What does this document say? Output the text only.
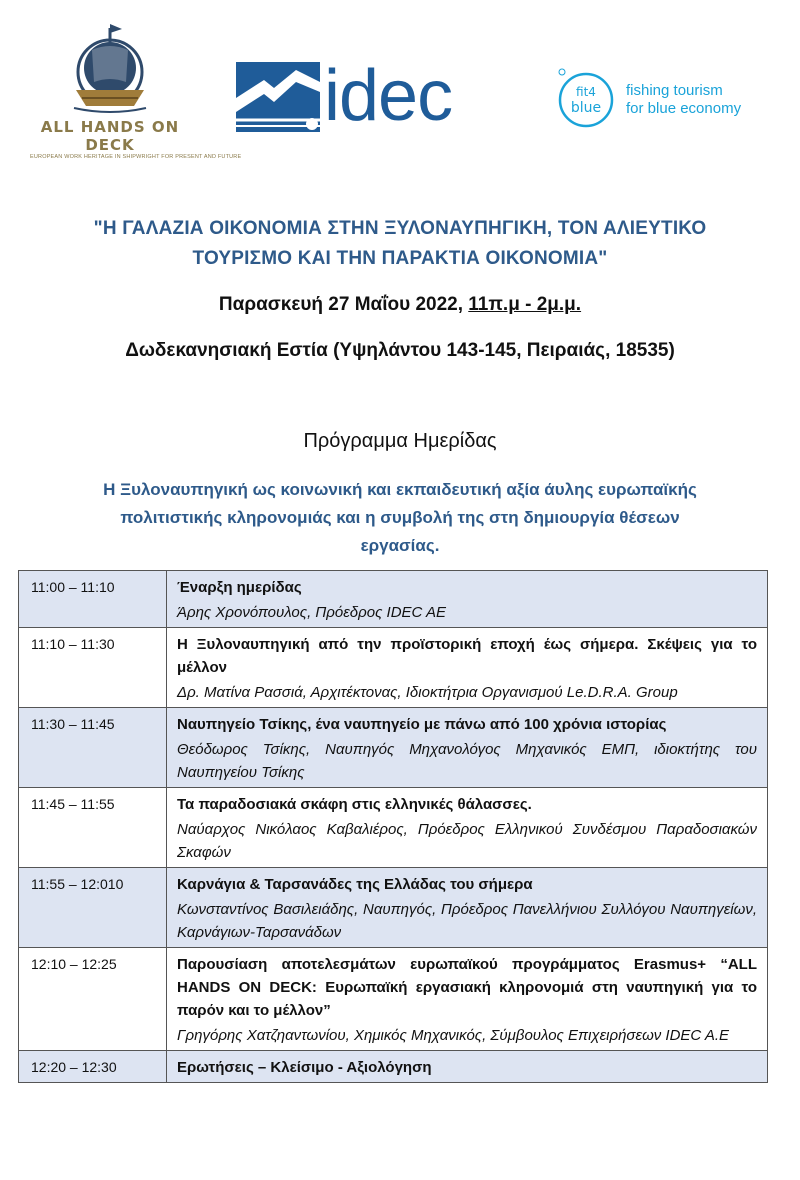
ALL HANDS ON DECK
EUROPEAN WORK HERITAGE IN SHIPWRIGHT FOR PRESENT AND FUTURE
idec	fit4
blue
fishing tourism
for blue economy
"Η ΓΑΛΑΖΙΑ ΟΙΚΟΝΟΜΙΑ ΣΤΗΝ ΞΥΛΟΝΑΥΠΗΓΙΚΗ, ΤΟΝ ΑΛΙΕΥΤΙΚΟ
ΤΟΥΡΙΣΜΟ ΚΑΙ ΤΗΝ ΠΑΡΑΚΤΙΑ ΟΙΚΟΝΟΜΙΑ"
Παρασκευή 27 Μαΐου 2022, 11π.μ - 2μ.μ.
Δωδεκανησιακή Εστία (Υψηλάντου 143-145, Πειραιάς, 18535)
Πρόγραμμα Ημερίδας
Η Ξυλοναυπηγική ως κοινωνική και εκπαιδευτική αξία άυλης ευρωπαϊκής
πολιτιστικής κληρονομιάς και η συμβολή της στη δημιουργία θέσεων
εργασίας.
11:00 – 11:10	Έναρξη ημερίδας
Άρης Χρονόπουλος, Πρόεδρος IDEC AE

11:10 – 11:30	Η Ξυλοναυπηγική από την προϊστορική εποχή έως σήμερα. Σκέψεις για το μέλλον
Δρ. Ματίνα Ρασσιά, Αρχιτέκτονας, Ιδιοκτήτρια Οργανισμού Le.D.R.A. Group

11:30 – 11:45	Ναυπηγείο Τσίκης, ένα ναυπηγείο με πάνω από 100 χρόνια ιστορίας
Θεόδωρος Τσίκης, Ναυπηγός Μηχανολόγος Μηχανικός ΕΜΠ, ιδιοκτήτης του Ναυπηγείου Τσίκης

11:45 – 11:55	Τα παραδοσιακά σκάφη στις ελληνικές θάλασσες.
Ναύαρχος Νικόλαος Καβαλιέρος, Πρόεδρος Ελληνικού Συνδέσμου Παραδοσιακών Σκαφών

11:55 – 12:010	Καρνάγια & Ταρσανάδες της Ελλάδας του σήμερα
Κωνσταντίνος Βασιλειάδης, Ναυπηγός, Πρόεδρος Πανελλήνιου Συλλόγου Ναυπηγείων, Καρνάγιων-Ταρσανάδων

12:10 – 12:25	Παρουσίαση αποτελεσμάτων ευρωπαϊκού προγράμματος Erasmus+ “ALL HANDS ON DECK: Ευρωπαϊκή εργασιακή κληρονομιά στη ναυπηγική για το παρόν και το μέλλον”
Γρηγόρης Χατζηαντωνίου, Χημικός Μηχανικός, Σύμβουλος Επιχειρήσεων IDEC A.E

12:20 – 12:30	Ερωτήσεις – Κλείσιμο - Αξιολόγηση
